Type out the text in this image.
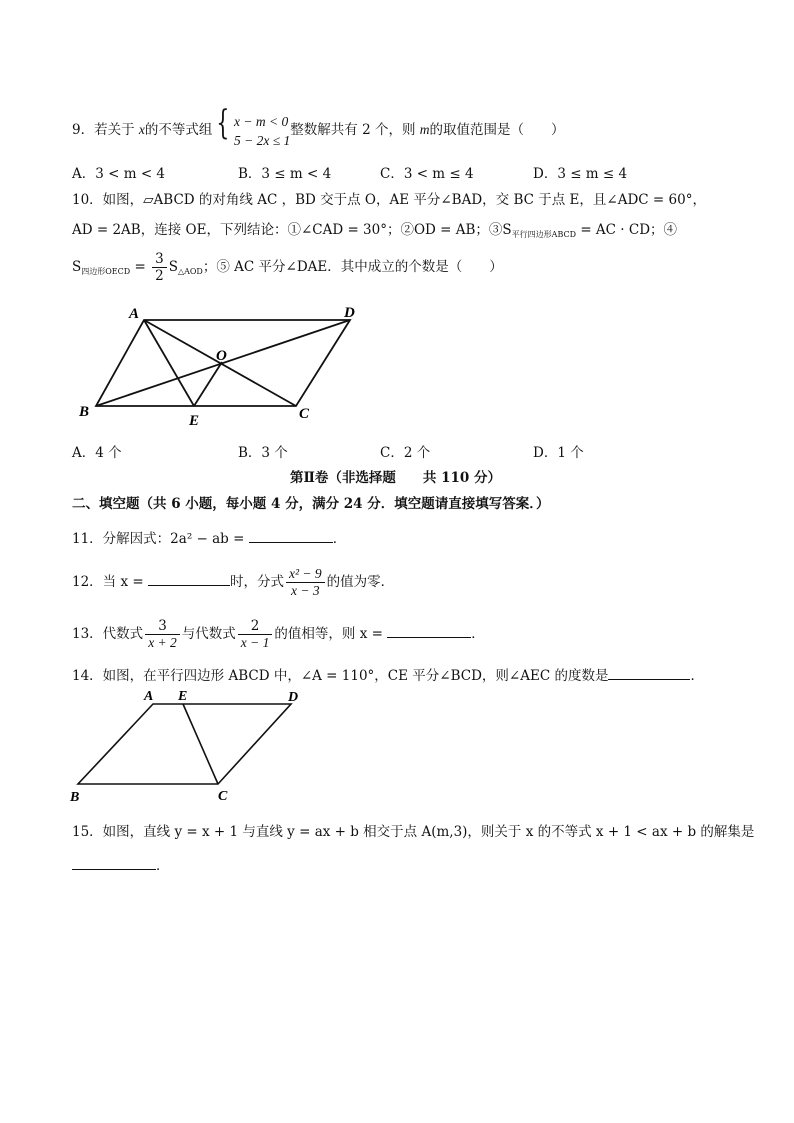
9．若关于 x的不等式组 { x − m < 0
5 − 2x ≤ 1
整数解共有 2 个，则 m的取值范围是（　　）
A．3 < m < 4	B．3 ≤ m < 4	C．3 < m ≤ 4	D．3 ≤ m ≤ 4
10．如图，▱ABCD 的对角线 AC ，BD 交于点 O，AE 平分∠BAD，交 BC 于点 E，且∠ADC = 60°，
AD = 2AB，连接 OE，下列结论：①∠CAD = 30°；②OD = AB；$③S_{平行四边形ABCD}$ = AC · CD；④
$S_{四边形OECD} = \frac{3}{2} S_{\triangle AOD}$；⑤ AC 平分∠DAE．其中成立的个数是（　　）
A	D
O
B
E	C
A．4 个	B．3 个	C．2 个	D．1 个
第Ⅱ卷（非选择题　　共 110 分）
二、填空题（共 6 小题，每小题 4 分，满分 24 分．填空题请直接填写答案．）
11．分解因式：2a² − ab =	．
12．当 x =	时，分式 $\frac{\text{x² − 9}}{x - 3}$ 的值为零．
13．代数式 $\frac{3}{x + 2}$ 与代数式 $\frac{2}{x - 1}$ 的值相等，则 x =	．
14．如图，在平行四边形 ABCD 中，∠A = 110°，CE 平分∠BCD，则∠AEC 的度数是	．
A E	D
B	C
15．如图，直线 y = x + 1 与直线 y = ax + b 相交于点 A(m,3)，则关于 x 的不等式 x + 1 < ax + b 的解集是
．
